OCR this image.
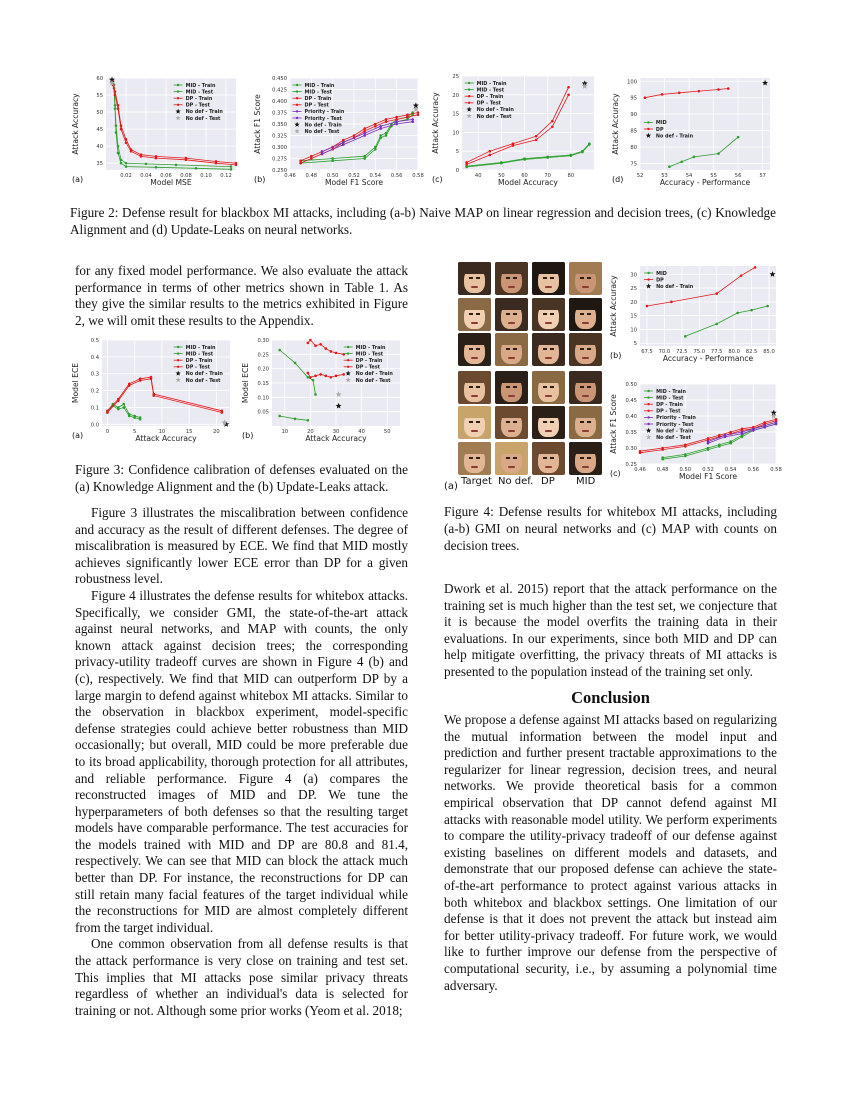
35
40
45
50
55
60
0.02 0.04 0.06 0.08 0.10 0.12
Model MSE
Attack Accuracy
(a)
MID - Train
MID - Test
DP - Train
DP - Test
No def - Train
No def - Test
0.250
0.275
0.300
0.325
0.350
0.375
0.400
0.425
0.450
0.46 0.48 0.50 0.52 0.54 0.56 0.58
Model F1 Score
Attack F1 Score
(b)
MID - Train
MID - Test
DP - Train
DP - Test
Priority - Train
Priority - Test
No def - Train
No def - Test
0
5
10
15
20
25
40	50	60	70	80
Model Accuracy
Attack Accuracy
(c)
MID - Train
MID - Test
DP - Train
DP - Test
No def - Train
No def - Test
75
80
85
90
95
100
52	53	54	55	56	57
Accuracy - Performance
Attack Accuracy
(d)
MID
DP
No def - Train
Figure 2: Defense result for blackbox MI attacks, including (a-b) Naive MAP on linear regression and decision trees, (c) Knowledge Alignment and (d) Update-Leaks on neural networks.

for any fixed model performance. We also evaluate the attack performance in terms of other metrics shown in Table 1. As they give the similar results to the metrics exhibited in Figure 2, we will omit these results to the Appendix.

0.0
0.1
0.2
0.3
0.4
0.5
0	5	10	15	20
Attack Accuracy
Model ECE
(a)
MID - Train
MID - Test
DP - Train
DP - Test
No def - Train
No def - Test
0.05
0.10
0.15
0.20
0.25
0.30
10	20	30	40	50
Attack Accuracy
Model ECE
(b)
MID - Train
MID - Test
DP - Train
DP - Test
No def - Train
No def - Test
Figure 3: Confidence calibration of defenses evaluated on the (a) Knowledge Alignment and the (b) Update-Leaks attack.

Figure 3 illustrates the miscalibration between confidence and accuracy as the result of different defenses. The degree of miscalibration is measured by ECE. We find that MID mostly achieves significantly lower ECE error than DP for a given robustness level.

Figure 4 illustrates the defense results for whitebox attacks. Specifically, we consider GMI, the state-of-the-art attack against neural networks, and MAP with counts, the only known attack against decision trees; the corresponding privacy-utility tradeoff curves are shown in Figure 4 (b) and (c), respectively. We find that MID can outperform DP by a large margin to defend against whitebox MI attacks. Similar to the observation in blackbox experiment, model-specific defense strategies could achieve better robustness than MID occasionally; but overall, MID could be more preferable due to its broad applicability, thorough protection for all attributes, and reliable performance. Figure 4 (a) compares the reconstructed images of MID and DP. We tune the hyperparameters of both defenses so that the resulting target models have comparable performance. The test accuracies for the models trained with MID and DP are 80.8 and 81.4, respectively. We can see that MID can block the attack much better than DP. For instance, the reconstructions for DP can still retain many facial features of the target individual while the reconstructions for MID are almost completely different from the target individual.

One common observation from all defense results is that the attack performance is very close on training and test set. This implies that MI attacks pose similar privacy threats regardless of whether an individual's data is selected for training or not. Although some prior works (Yeom et al. 2018;

(a) Target No def. DP MID
5
10
15
20
25
30
67.5 70.0 72.5 75.0 77.5 80.0 82.5 85.0
Accuracy - Performance
Attack Accuracy
(b)
MID
DP
No def - Train
0.25
0.30
0.35
0.40
0.45
0.50
0.46 0.48 0.50 0.52 0.54 0.56 0.58
Model F1 Score
Attack F1 Score
(c)
MID - Train
MID - Test
DP - Train
DP - Test
Priority - Train
Priority - Test
No def - Train
No def - Test
Figure 4: Defense results for whitebox MI attacks, including (a-b) GMI on neural networks and (c) MAP with counts on decision trees.

Dwork et al. 2015) report that the attack performance on the training set is much higher than the test set, we conjecture that it is because the model overfits the training data in their evaluations. In our experiments, since both MID and DP can help mitigate overfitting, the privacy threats of MI attacks is presented to the population instead of the training set only.

Conclusion

We propose a defense against MI attacks based on regularizing the mutual information between the model input and prediction and further present tractable approximations to the regularizer for linear regression, decision trees, and neural networks. We provide theoretical basis for a common empirical observation that DP cannot defend against MI attacks with reasonable model utility. We perform experiments to compare the utility-privacy tradeoff of our defense against existing baselines on different models and datasets, and demonstrate that our proposed defense can achieve the state-of-the-art performance to protect against various attacks in both whitebox and blackbox settings. One limitation of our defense is that it does not prevent the attack but instead aim for better utility-privacy tradeoff. For future work, we would like to further improve our defense from the perspective of computational security, i.e., by assuming a polynomial time adversary.
